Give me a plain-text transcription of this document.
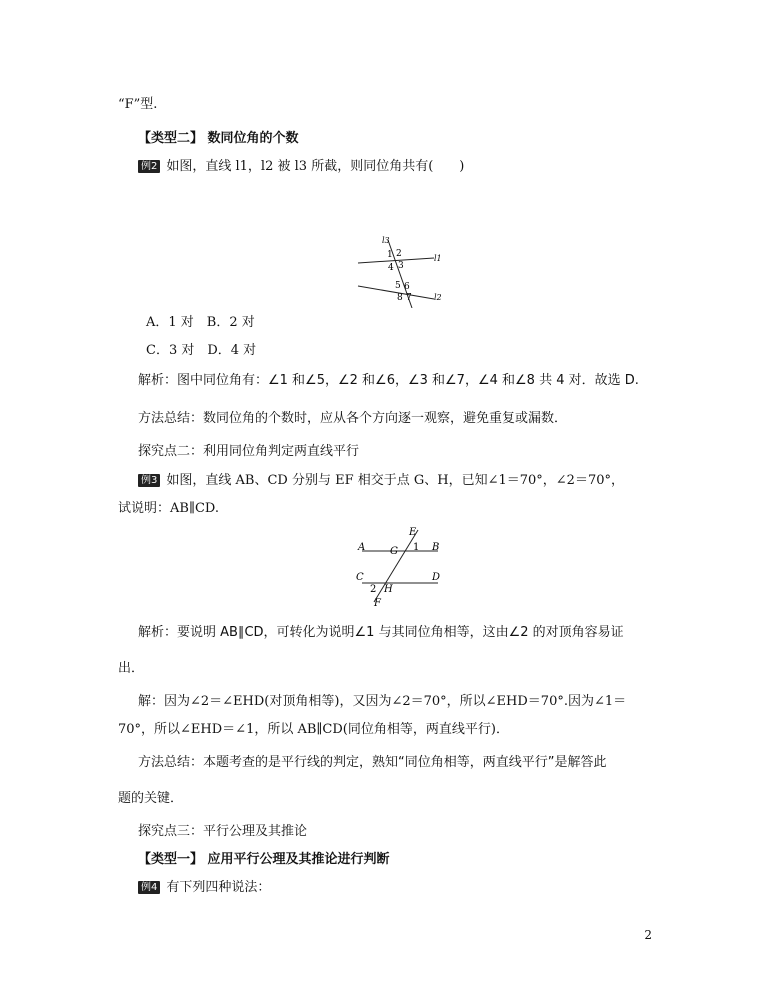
“F”型.
【类型二】 数同位角的个数
例2 如图，直线 l1，l2 被 l3 所截，则同位角共有(　　)
l3
l1
l2
1 2
3
4
5 6
7
8
A．1 对　B．2 对
C．3 对　D．4 对
解析：图中同位角有：∠1 和∠5，∠2 和∠6，∠3 和∠7，∠4 和∠8 共 4 对．故选 D.
方法总结：数同位角的个数时，应从各个方向逐一观察，避免重复或漏数．
探究点二：利用同位角判定两直线平行
例3 如图，直线 AB、CD 分别与 EF 相交于点 G、H，已知∠1＝70°，∠2＝70°，
试说明：AB∥CD.
E
A G 1 B
C	D
2 H
F
解析：要说明 AB∥CD，可转化为说明∠1 与其同位角相等，这由∠2 的对顶角容易证
出．
解：因为∠2＝∠EHD(对顶角相等)，又因为∠2＝70°，所以∠EHD＝70°.因为∠1＝
70°，所以∠EHD＝∠1，所以 AB∥CD(同位角相等，两直线平行)．
方法总结：本题考查的是平行线的判定，熟知“同位角相等，两直线平行”是解答此
题的关键．
探究点三：平行公理及其推论
【类型一】 应用平行公理及其推论进行判断
例4 有下列四种说法：
2
